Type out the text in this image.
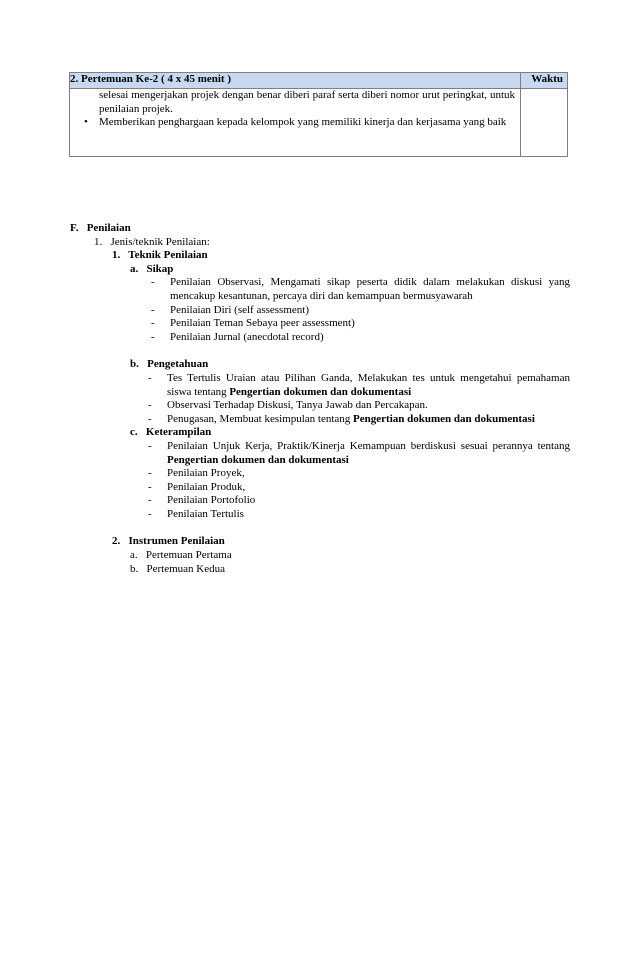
2. Pertemuan Ke-2 ( 4 x 45 menit )	Waktu

selesai mengerjakan projek dengan benar diberi paraf serta diberi nomor urut peringkat, untuk penilaian projek.
• Memberikan penghargaan kepada kelompok yang memiliki kinerja dan kerjasama yang baik	

F.   Penilaian
1.   Jenis/teknik Penilaian:
1.   Teknik Penilaian
a.   Sikap
-	Penilaian Observasi, Mengamati sikap peserta didik dalam melakukan diskusi yang mencakup kesantunan, percaya diri dan kemampuan bermusyawarah
-	Penilaian Diri (self assessment)
-	Penilaian Teman Sebaya peer assessment)
-	Penilaian Jurnal (anecdotal record)
b.   Pengetahuan
-	Tes Tertulis Uraian atau Pilihan Ganda, Melakukan tes untuk mengetahui pemahaman siswa tentang Pengertian dokumen dan dokumentasi
-	Observasi Terhadap Diskusi, Tanya Jawab dan Percakapan.
-	Penugasan, Membuat kesimpulan tentang Pengertian dokumen dan dokumentasi
c.   Keterampilan
-	Penilaian Unjuk Kerja, Praktik/Kinerja Kemampuan berdiskusi sesuai perannya tentang Pengertian dokumen dan dokumentasi
-	Penilaian Proyek,
-	Penilaian Produk,
-	Penilaian Portofolio
-	Penilaian Tertulis
2.   Instrumen Penilaian
a.   Pertemuan Pertama
b.   Pertemuan Kedua
